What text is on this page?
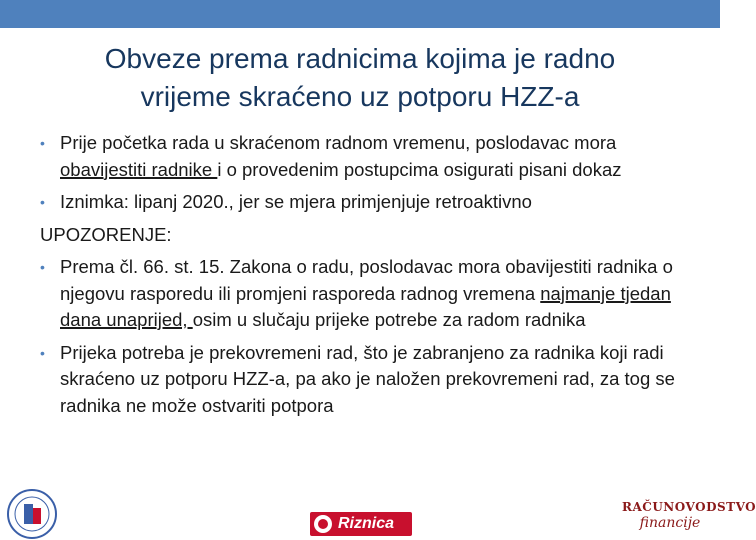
Obveze prema radnicima kojima je radno
vrijeme skraćeno uz potporu HZZ-a
• Prije početka rada u skraćenom radnom vremenu, poslodavac mora obavijestiti radnike i o provedenim postupcima osigurati pisani dokaz
• Iznimka: lipanj 2020., jer se mjera primjenjuje retroaktivno
UPOZORENJE:
• Prema čl. 66. st. 15. Zakona o radu, poslodavac mora obavijestiti radnika o njegovu rasporedu ili promjeni rasporeda radnog vremena najmanje tjedan dana unaprijed, osim u slučaju prijeke potrebe za radom radnika
• Prijeka potreba je prekovremeni rad, što je zabranjeno za radnika koji radi skraćeno uz potporu HZZ-a, pa ako je naložen prekovremeni rad, za tog se radnika ne može ostvariti potpora
Riznica
RAČUNOVODSTVO
financije
